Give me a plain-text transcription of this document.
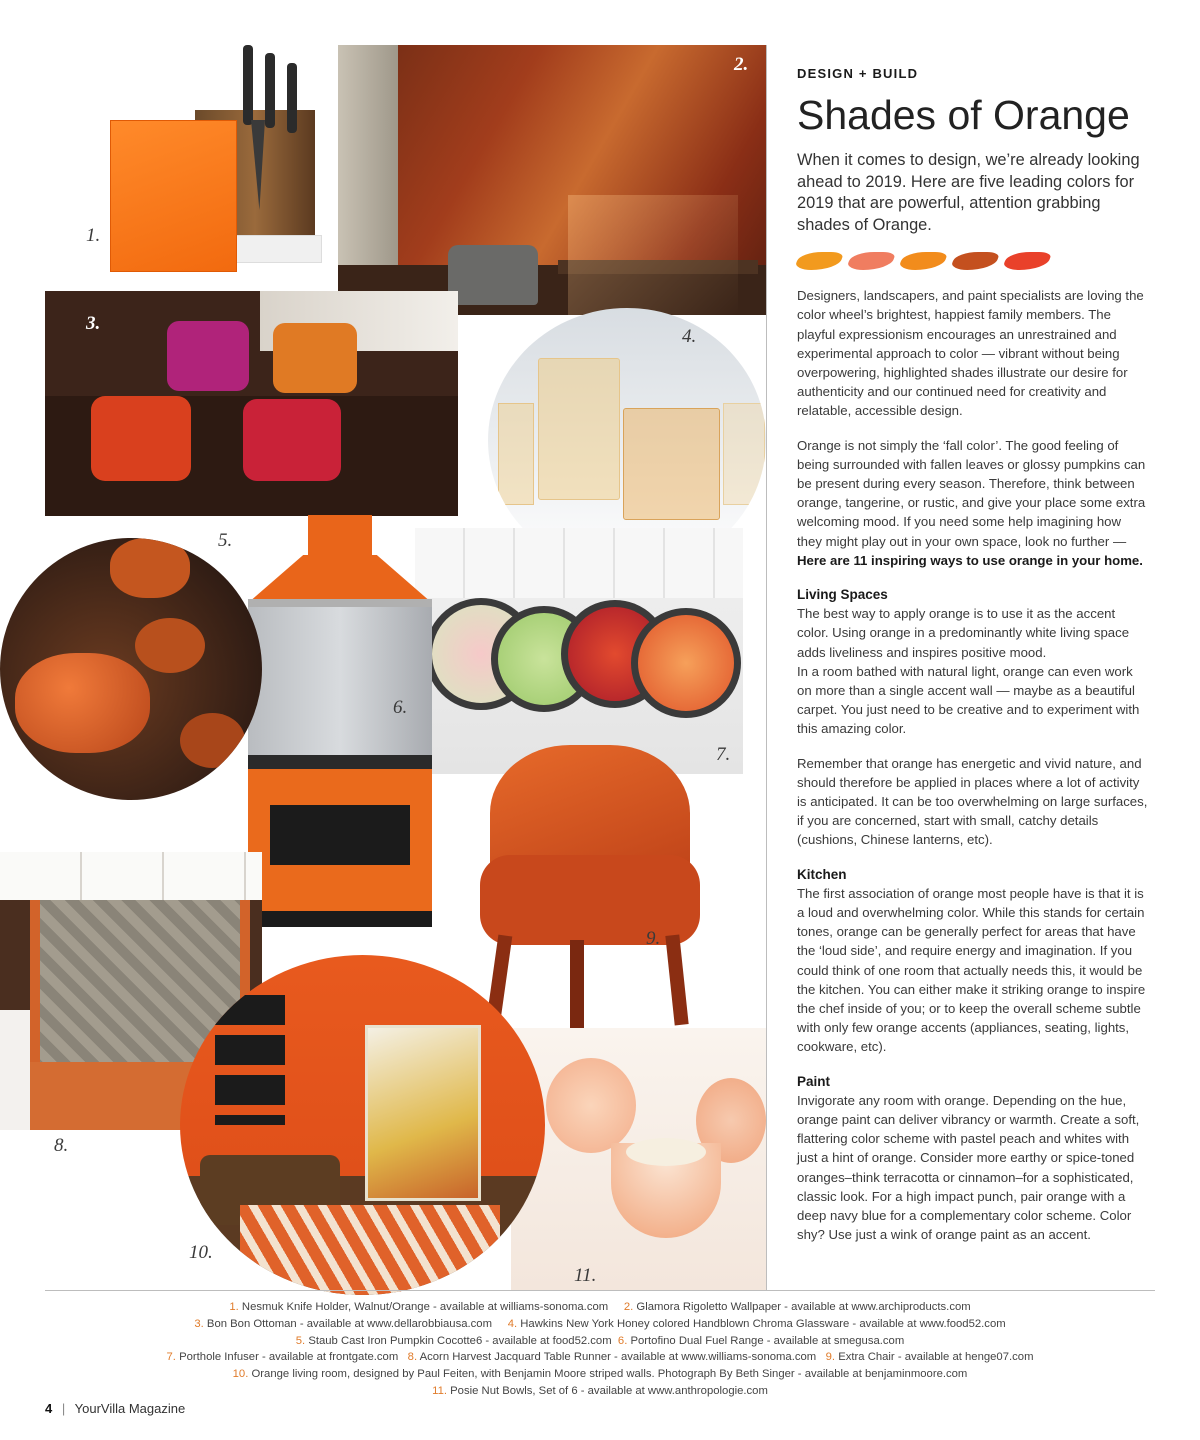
1.
2.
3.
4.
5.
6.
7.
8.
9.
10.
11.
DESIGN + BUILD
Shades of Orange

When it comes to design, we’re already looking ahead to 2019. Here are five leading colors for 2019 that are powerful, attention grabbing shades of Orange.

Designers, landscapers, and paint specialists are loving the color wheel’s brightest, happiest family members. The playful expressionism encourages an unrestrained and experimental approach to color — vibrant without being overpowering, highlighted shades illustrate our desire for authenticity and our continued need for creativity and relatable, accessible design.

Orange is not simply the ‘fall color’. The good feeling of being surrounded with fallen leaves or glossy pumpkins can be present during every season. Therefore, think between orange, tangerine, or rustic, and give your place some extra welcoming mood. If you need some help imagining how they might play out in your own space, look no further — Here are 11 inspiring ways to use orange in your home.

Living Spaces

The best way to apply orange is to use it as the accent color. Using orange in a predominantly white living space adds liveliness and inspires positive mood.

In a room bathed with natural light, orange can even work on more than a single accent wall — maybe as a beautiful carpet. You just need to be creative and to experiment with this amazing color.

Remember that orange has energetic and vivid nature, and should therefore be applied in places where a lot of activity is anticipated. It can be too overwhelming on large surfaces, if you are concerned, start with small, catchy details (cushions, Chinese lanterns, etc).

Kitchen

The first association of orange most people have is that it is a loud and overwhelming color. While this stands for certain tones, orange can be generally perfect for areas that have the ‘loud side’, and require energy and imagination. If you could think of one room that actually needs this, it would be the kitchen. You can either make it striking orange to inspire the chef inside of you; or to keep the overall scheme subtle with only few orange accents (appliances, seating, lights, cookware, etc).

Paint

Invigorate any room with orange. Depending on the hue, orange paint can deliver vibrancy or warmth. Create a soft, flattering color scheme with pastel peach and whites with just a hint of orange. Consider more earthy or spice-toned oranges–think terracotta or cinnamon–for a sophisticated, classic look. For a high impact punch, pair orange with a deep navy blue for a complementary color scheme. Color shy? Use just a wink of orange paint as an accent.

1. Nesmuk Knife Holder, Walnut/Orange - available at williams-sonoma.com 2. Glamora Rigoletto Wallpaper - available at www.archiproducts.com
3. Bon Bon Ottoman - available at www.dellarobbiausa.com 4. Hawkins New York Honey colored Handblown Chroma Glassware - available at www.food52.com
5. Staub Cast Iron Pumpkin Cocotte6 - available at food52.com 6. Portofino Dual Fuel Range - available at smegusa.com
7. Porthole Infuser - available at frontgate.com 8. Acorn Harvest Jacquard Table Runner - available at www.williams-sonoma.com 9. Extra Chair - available at henge07.com
10. Orange living room, designed by Paul Feiten, with Benjamin Moore striped walls. Photograph By Beth Singer - available at benjaminmoore.com
11. Posie Nut Bowls, Set of 6 - available at www.anthropologie.com
4 | YourVilla Magazine
